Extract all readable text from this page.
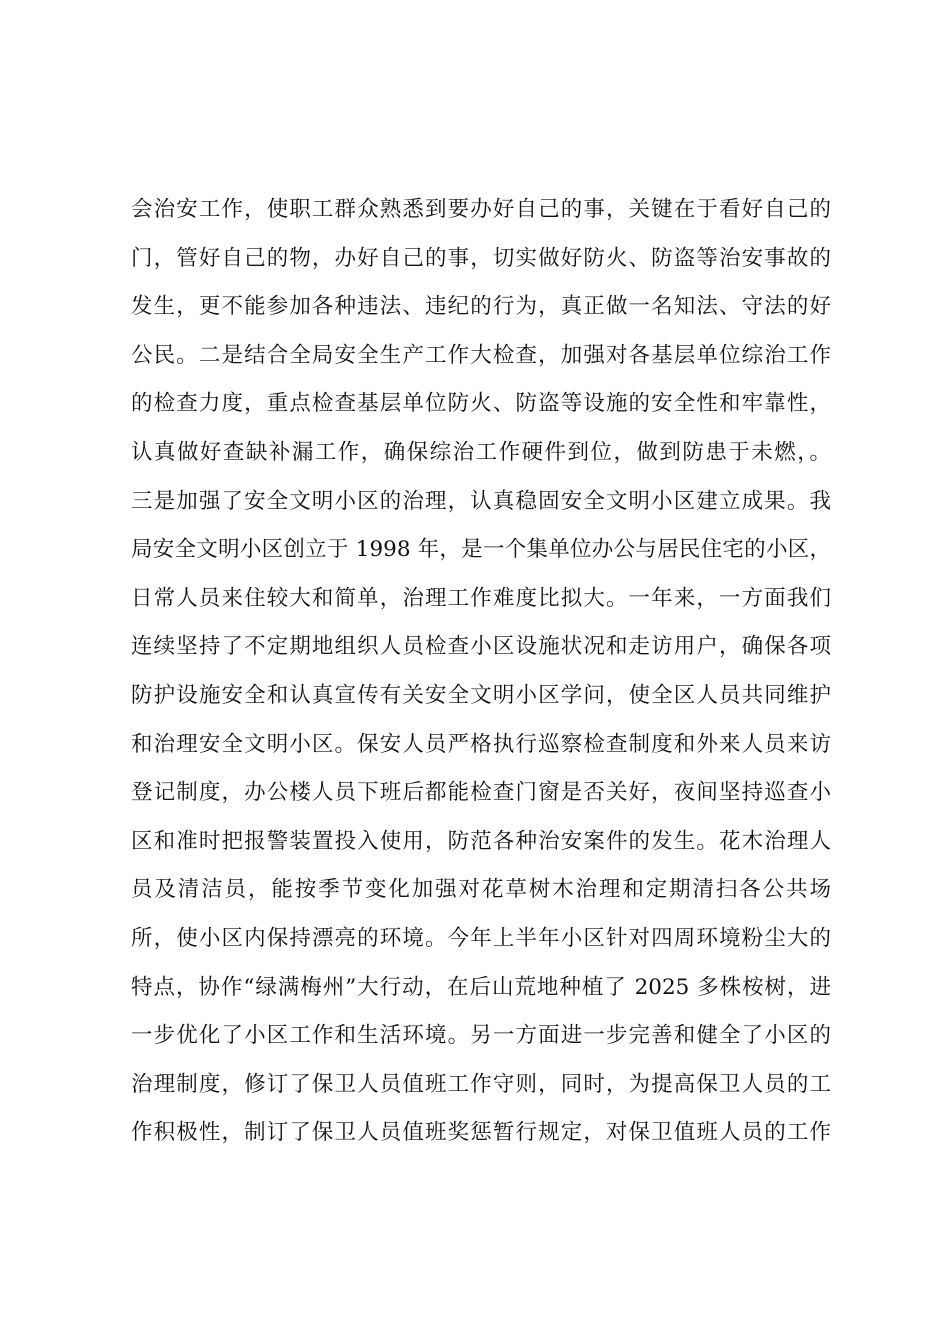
会治安工作，使职工群众熟悉到要办好自己的事，关键在于看好自己的
门，管好自己的物，办好自己的事，切实做好防火、防盗等治安事故的
发生，更不能参加各种违法、违纪的行为，真正做一名知法、守法的好
公民。二是结合全局安全生产工作大检查，加强对各基层单位综治工作
的检查力度，重点检查基层单位防火、防盗等设施的安全性和牢靠性，
认真做好查缺补漏工作，确保综治工作硬件到位，做到防患于未燃，。
三是加强了安全文明小区的治理，认真稳固安全文明小区建立成果。我
局安全文明小区创立于 1998 年，是一个集单位办公与居民住宅的小区，
日常人员来住较大和简单，治理工作难度比拟大。一年来，一方面我们
连续坚持了不定期地组织人员检查小区设施状况和走访用户，确保各项
防护设施安全和认真宣传有关安全文明小区学问，使全区人员共同维护
和治理安全文明小区。保安人员严格执行巡察检查制度和外来人员来访
登记制度，办公楼人员下班后都能检查门窗是否关好，夜间坚持巡查小
区和准时把报警装置投入使用，防范各种治安案件的发生。花木治理人
员及清洁员，能按季节变化加强对花草树木治理和定期清扫各公共场
所，使小区内保持漂亮的环境。今年上半年小区针对四周环境粉尘大的
特点，协作“绿满梅州”大行动，在后山荒地种植了 2025 多株桉树，进
一步优化了小区工作和生活环境。另一方面进一步完善和健全了小区的
治理制度，修订了保卫人员值班工作守则，同时，为提高保卫人员的工
作积极性，制订了保卫人员值班奖惩暂行规定，对保卫值班人员的工作
